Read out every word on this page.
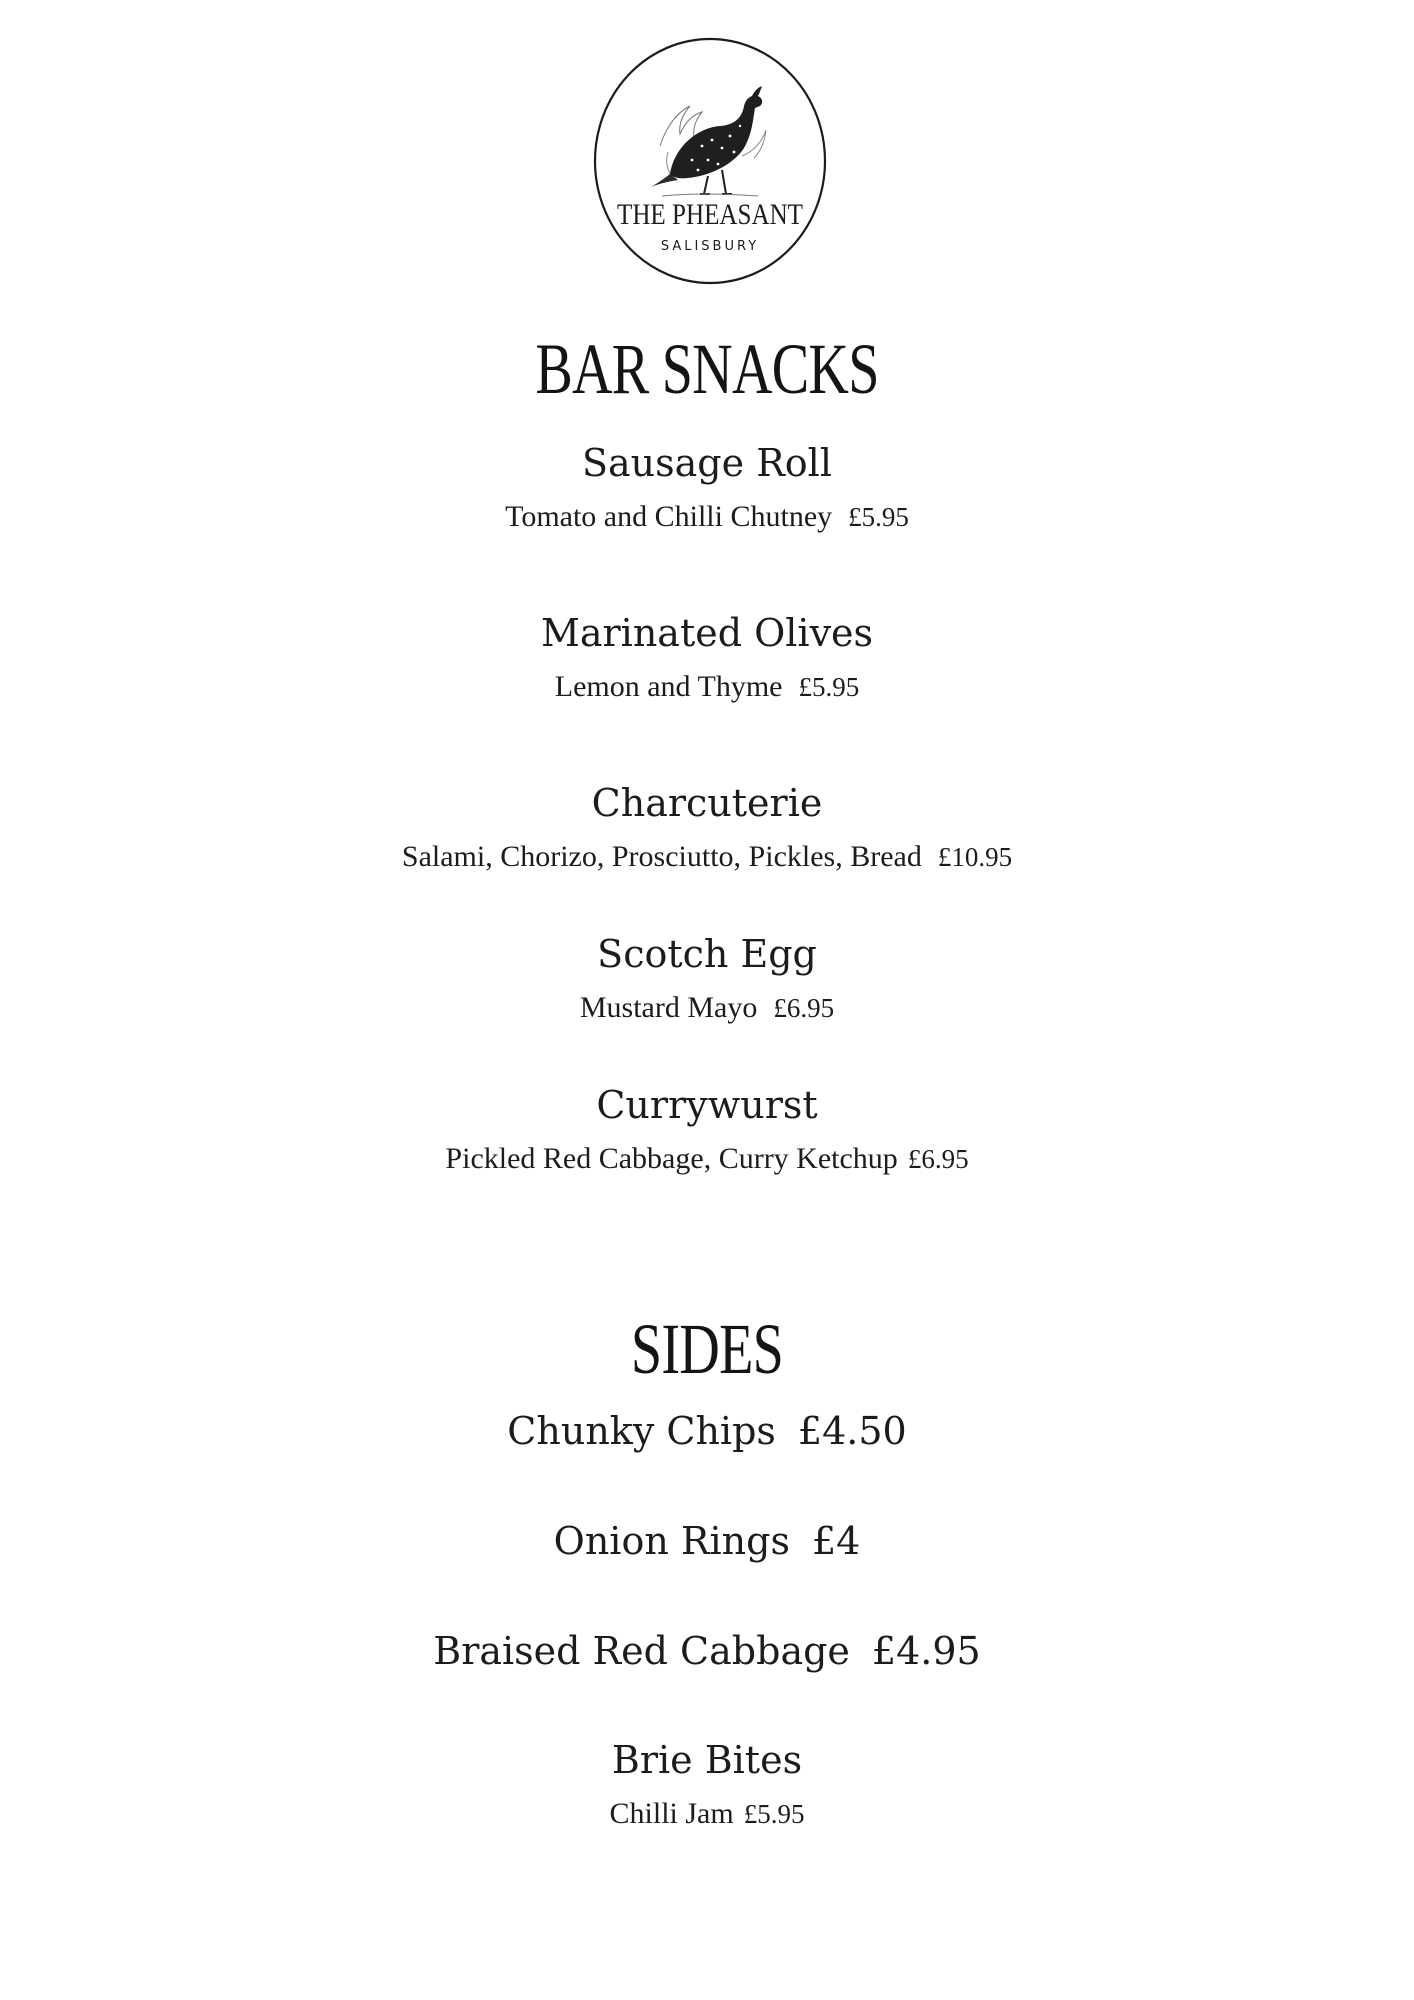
THE PHEASANT
SALISBURY
BAR SNACKS
Sausage Roll
Tomato and Chilli Chutney £5.95
Marinated Olives
Lemon and Thyme £5.95
Charcuterie
Salami, Chorizo, Prosciutto, Pickles, Bread £10.95
Scotch Egg
Mustard Mayo £6.95
Currywurst
Pickled Red Cabbage, Curry Ketchup £6.95
SIDES
Chunky Chips £4.50
Onion Rings £4
Braised Red Cabbage £4.95
Brie Bites
Chilli Jam £5.95
